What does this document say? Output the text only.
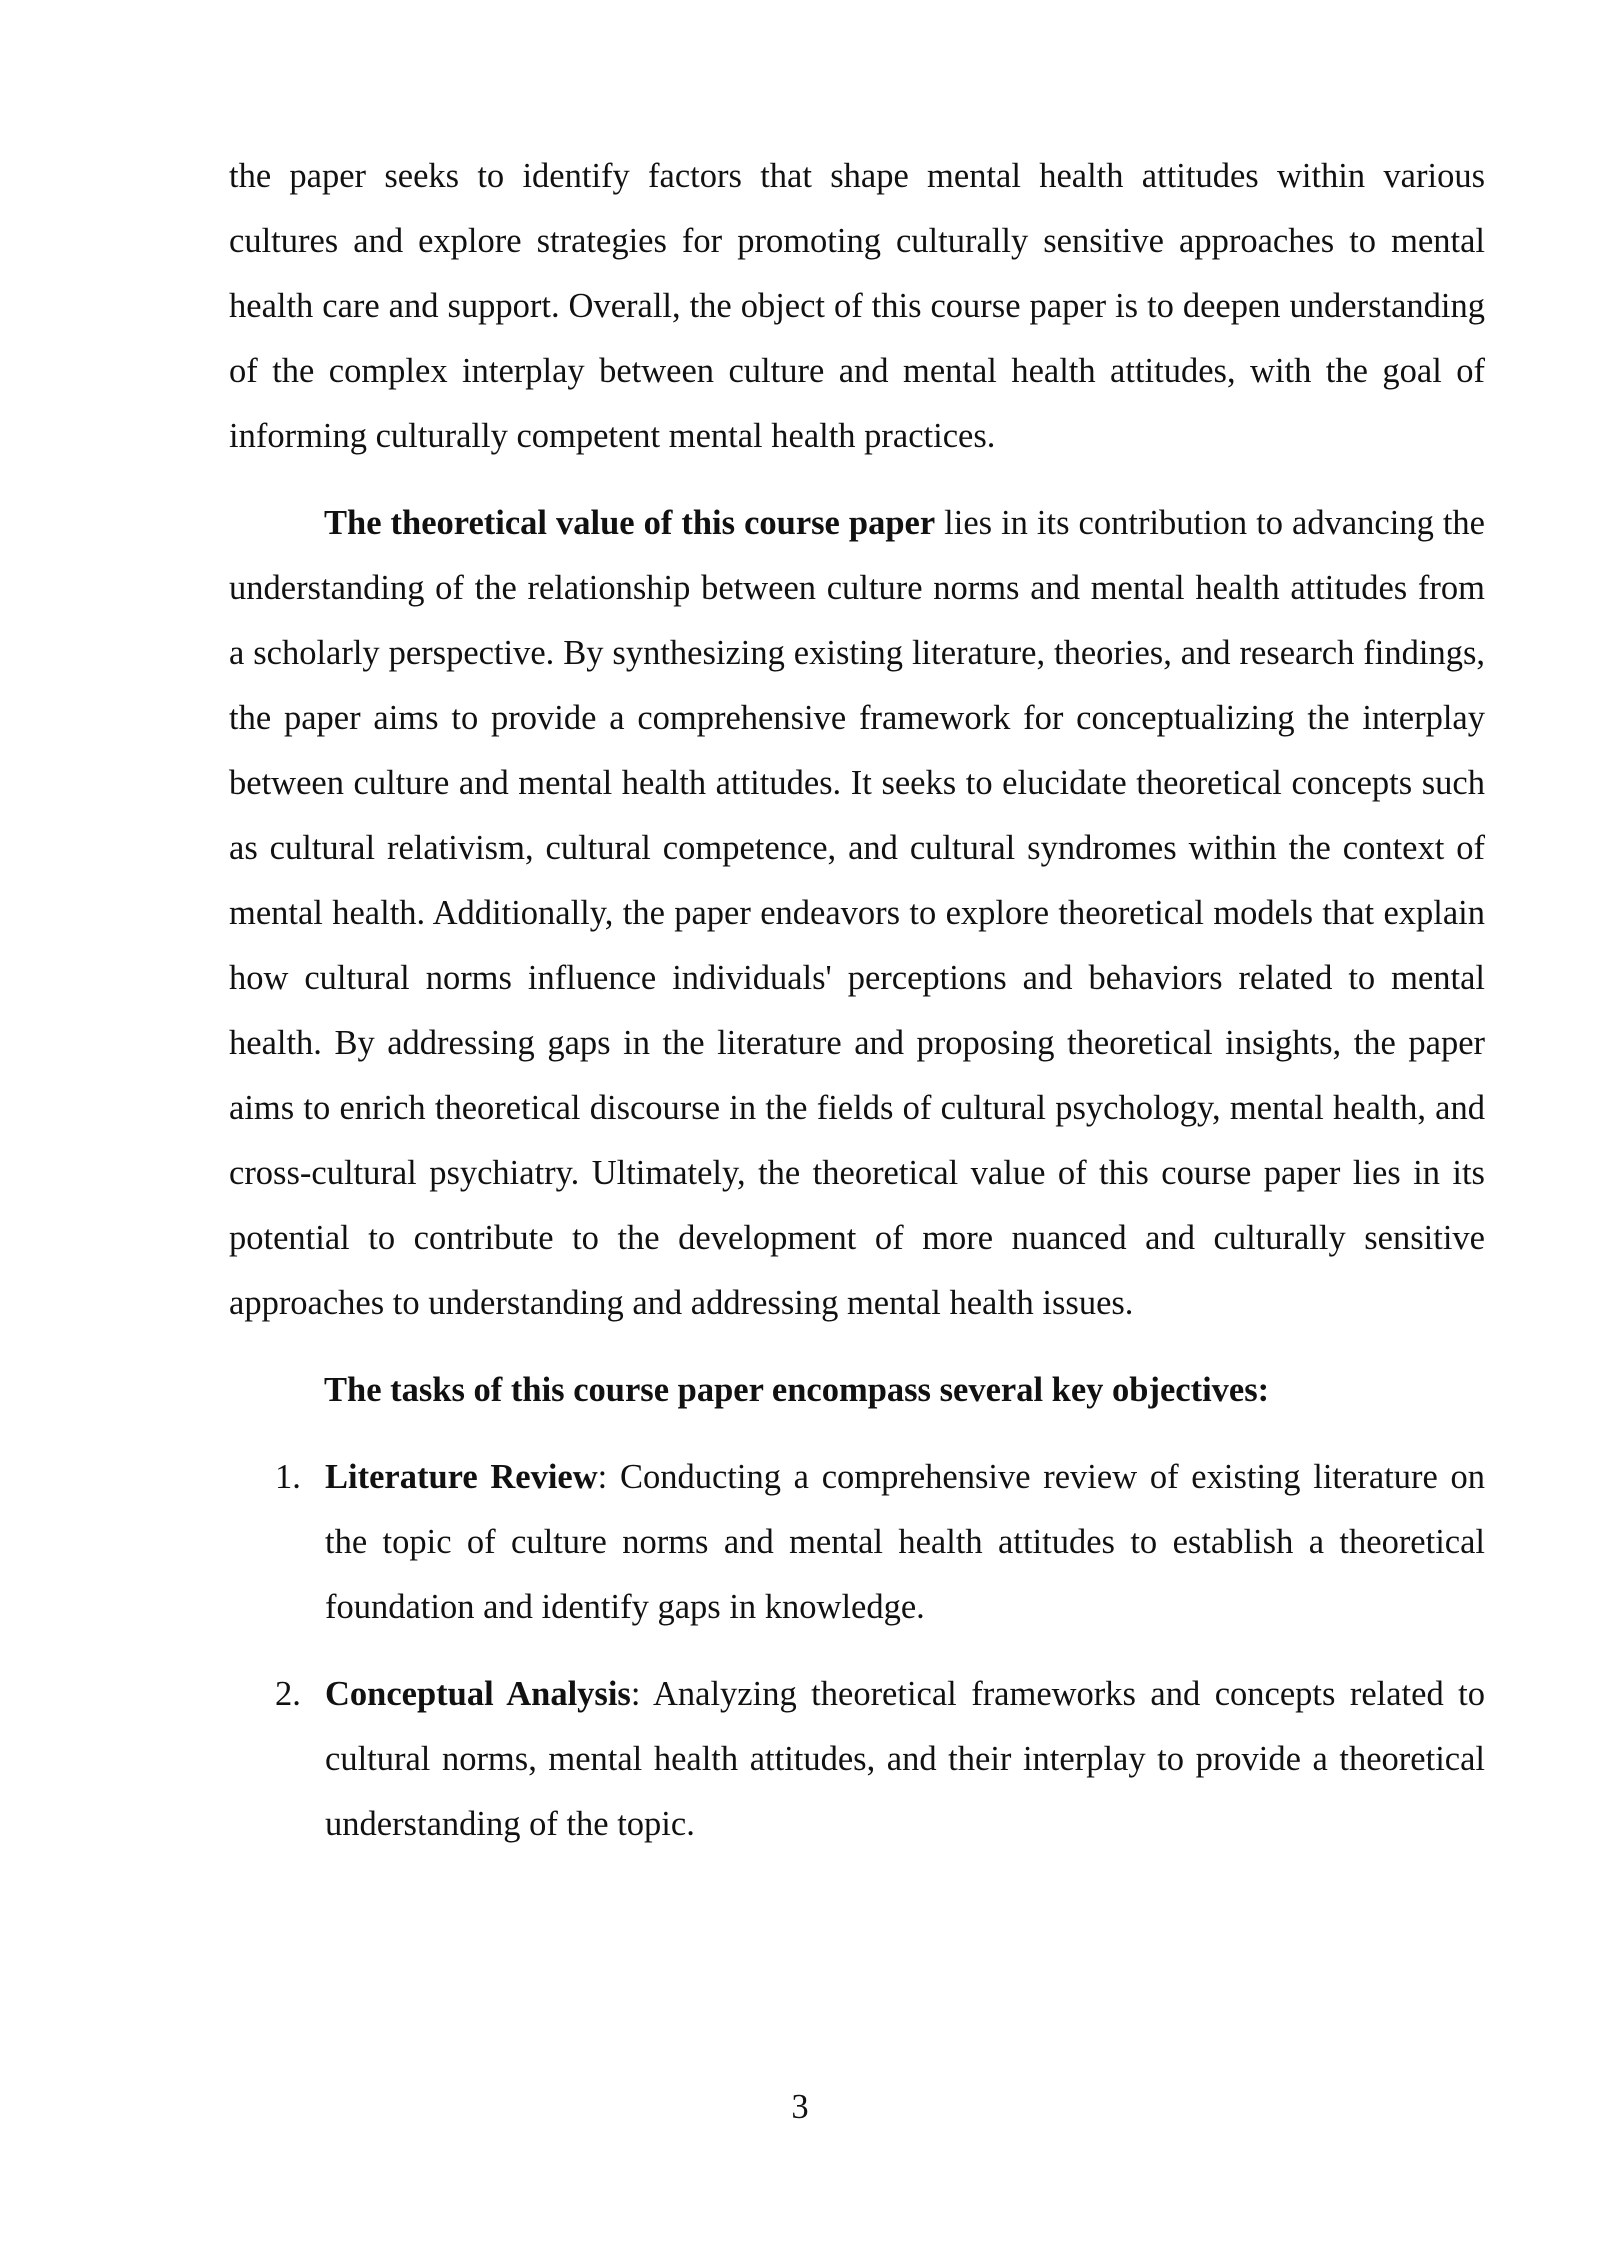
the paper seeks to identify factors that shape mental health attitudes within various cultures and explore strategies for promoting culturally sensitive approaches to mental health care and support. Overall, the object of this course paper is to deepen understanding of the complex interplay between culture and mental health attitudes, with the goal of informing culturally competent mental health practices.

The theoretical value of this course paper lies in its contribution to advancing the understanding of the relationship between culture norms and mental health attitudes from a scholarly perspective. By synthesizing existing literature, theories, and research findings, the paper aims to provide a comprehensive framework for conceptualizing the interplay between culture and mental health attitudes. It seeks to elucidate theoretical concepts such as cultural relativism, cultural competence, and cultural syndromes within the context of mental health. Additionally, the paper endeavors to explore theoretical models that explain how cultural norms influence individuals' perceptions and behaviors related to mental health. By addressing gaps in the literature and proposing theoretical insights, the paper aims to enrich theoretical discourse in the fields of cultural psychology, mental health, and cross-cultural psychiatry. Ultimately, the theoretical value of this course paper lies in its potential to contribute to the development of more nuanced and culturally sensitive approaches to understanding and addressing mental health issues.

The tasks of this course paper encompass several key objectives:

1. Literature Review: Conducting a comprehensive review of existing literature on the topic of culture norms and mental health attitudes to establish a theoretical foundation and identify gaps in knowledge.
2. Conceptual Analysis: Analyzing theoretical frameworks and concepts related to cultural norms, mental health attitudes, and their interplay to provide a theoretical understanding of the topic.
3
